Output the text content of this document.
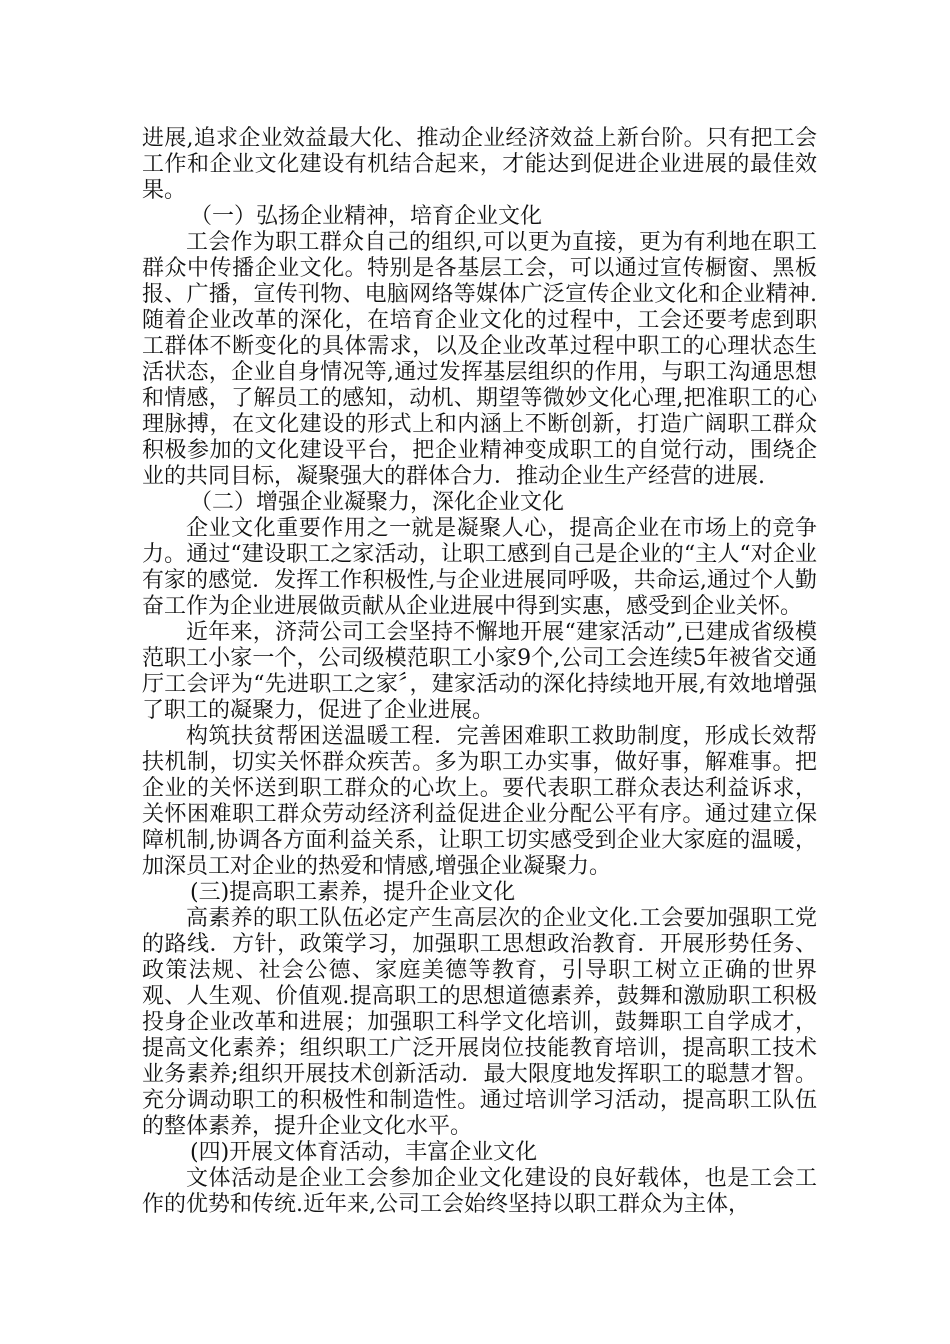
进展,追求企业效益最大化、推动企业经济效益上新台阶。只有把工会工作和企业文化建设有机结合起来，才能达到促进企业进展的最佳效果。

（一）弘扬企业精神，培育企业文化

工会作为职工群众自己的组织,可以更为直接，更为有利地在职工群众中传播企业文化。特别是各基层工会，可以通过宣传橱窗、黑板报、广播，宣传刊物、电脑网络等媒体广泛宣传企业文化和企业精神.随着企业改革的深化，在培育企业文化的过程中，工会还要考虑到职工群体不断变化的具体需求，以及企业改革过程中职工的心理状态生活状态，企业自身情况等,通过发挥基层组织的作用，与职工沟通思想和情感，了解员工的感知，动机、期望等微妙文化心理,把准职工的心理脉搏，在文化建设的形式上和内涵上不断创新，打造广阔职工群众积极参加的文化建设平台，把企业精神变成职工的自觉行动，围绕企业的共同目标，凝聚强大的群体合力．推动企业生产经营的进展.

（二）增强企业凝聚力，深化企业文化

企业文化重要作用之一就是凝聚人心，提高企业在市场上的竞争力。通过“建设职工之家活动，让职工感到自己是企业的“主人“对企业有家的感觉．发挥工作积极性,与企业进展同呼吸，共命运,通过个人勤奋工作为企业进展做贡献从企业进展中得到实惠，感受到企业关怀。

近年来，济菏公司工会坚持不懈地开展“建家活动”,已建成省级模范职工小家一个，公司级模范职工小家9个,公司工会连续5年被省交通厅工会评为“先进职工之家〞，建家活动的深化持续地开展,有效地增强了职工的凝聚力，促进了企业进展。

构筑扶贫帮困送温暖工程．完善困难职工救助制度，形成长效帮扶机制，切实关怀群众疾苦。多为职工办实事，做好事，解难事。把企业的关怀送到职工群众的心坎上。要代表职工群众表达利益诉求，关怀困难职工群众劳动经济利益促进企业分配公平有序。通过建立保障机制,协调各方面利益关系，让职工切实感受到企业大家庭的温暖，加深员工对企业的热爱和情感,增强企业凝聚力。

(三)提高职工素养，提升企业文化

高素养的职工队伍必定产生高层次的企业文化.工会要加强职工党的路线．方针，政策学习，加强职工思想政治教育．开展形势任务、政策法规、社会公德、家庭美德等教育，引导职工树立正确的世界观、人生观、价值观.提高职工的思想道德素养，鼓舞和激励职工积极投身企业改革和进展；加强职工科学文化培训，鼓舞职工自学成才，提高文化素养；组织职工广泛开展岗位技能教育培训，提高职工技术业务素养;组织开展技术创新活动．最大限度地发挥职工的聪慧才智。充分调动职工的积极性和制造性。通过培训学习活动，提高职工队伍的整体素养，提升企业文化水平。

(四)开展文体育活动，丰富企业文化

文体活动是企业工会参加企业文化建设的良好载体，也是工会工作的优势和传统.近年来,公司工会始终坚持以职工群众为主体，
